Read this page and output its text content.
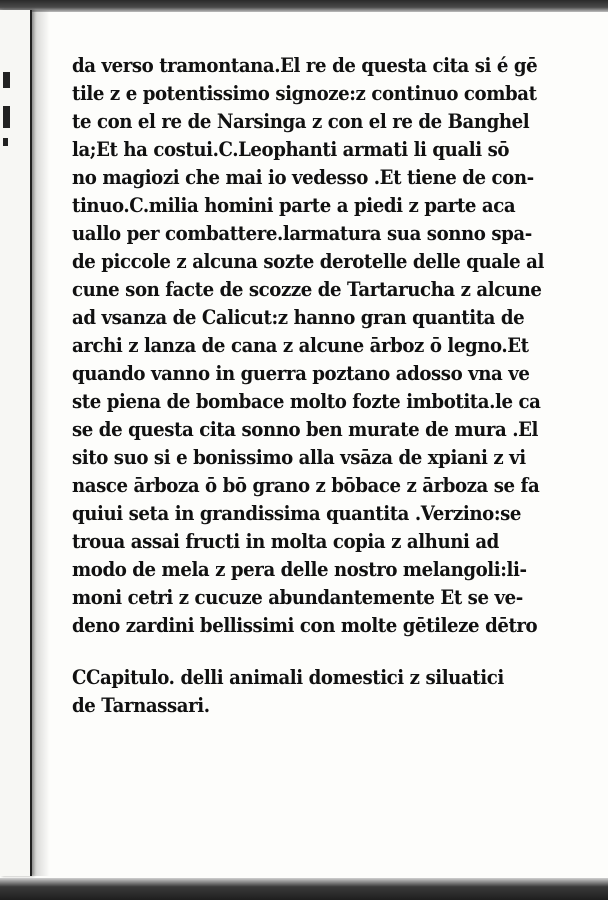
da verso tramontana.El re de questa cita si é gē
tile z e potentissimo signoze:z continuo combat
te con el re de Narsinga z con el re de Banghel
la;Et ha costui.C.Leophanti armati li quali sō
no magiozi che mai io vedesso .Et tiene de con-
tinuo.C.milia homini parte a piedi z parte aca
uallo per combattere.larmatura sua sonno spa-
de piccole z alcuna sozte derotelle delle quale al
cune son facte de scozze de Tartarucha z alcune
ad vsanza de Calicut:z hanno gran quantita de
archi z lanza de cana z alcune ārboz ō legno.Et
quando vanno in guerra poztano adosso vna ve
ste piena de bombace molto fozte imbotita.le ca
se de questa cita sonno ben murate de mura .El
sito suo si e bonissimo alla vsāza de xpiani z vi
nasce ārboza ō bō grano z bōbace z ārboza se fa
quiui seta in grandissima quantita .Verzino:se
troua assai fructi in molta copia z alhuni ad
modo de mela z pera delle nostro melangoli:li-
moni cetri z cucuze abundantemente Et se ve-
deno zardini bellissimi con molte gētileze dētro
CCapitulo. delli animali domestici z siluatici
de Tarnassari.
